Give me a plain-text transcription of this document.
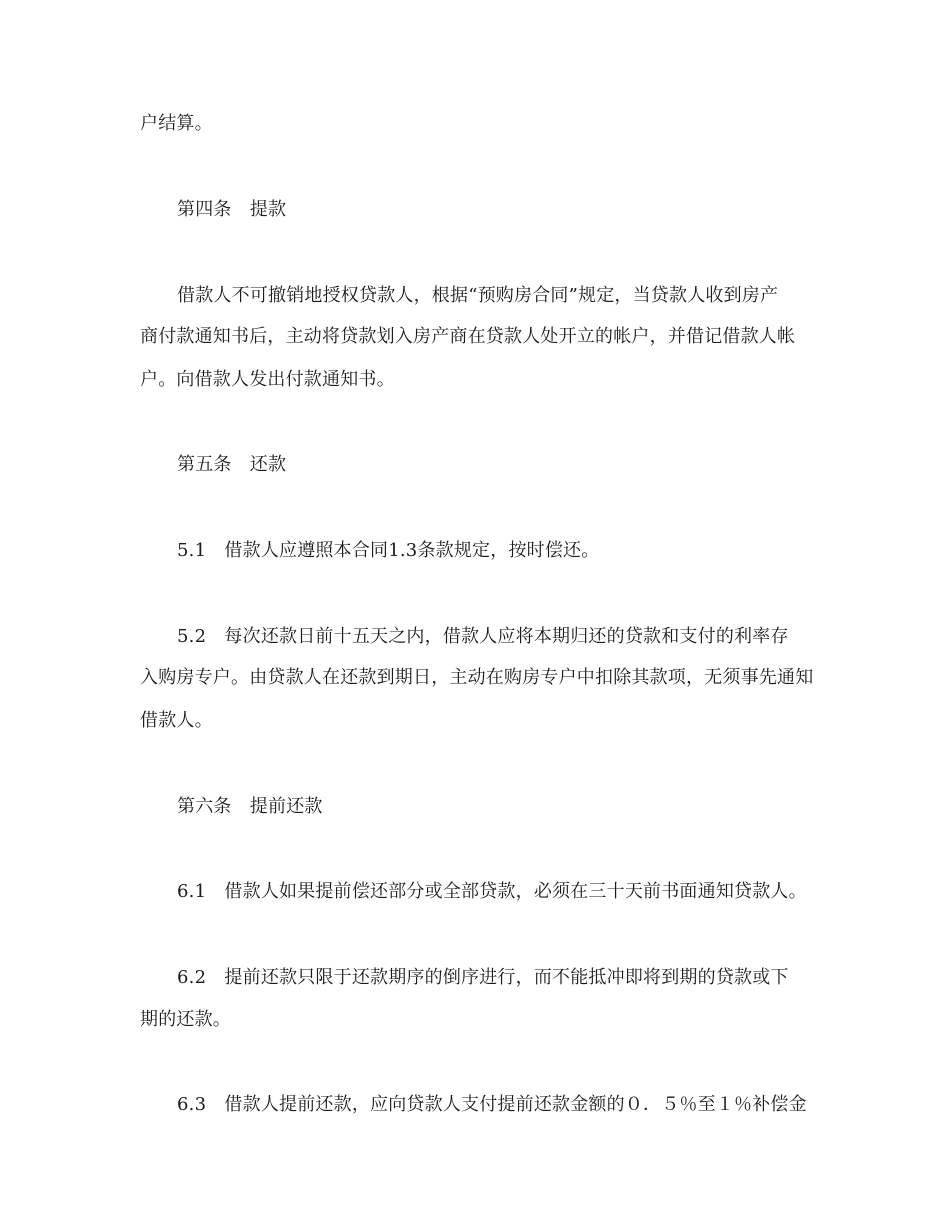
户结算。
第四条　提款
借款人不可撤销地授权贷款人，根据“预购房合同”规定，当贷款人收到房产
商付款通知书后，主动将贷款划入房产商在贷款人处开立的帐户，并借记借款人帐
户。向借款人发出付款通知书。
第五条　还款
5.1　借款人应遵照本合同1.3条款规定，按时偿还。
5.2　每次还款日前十五天之内，借款人应将本期归还的贷款和支付的利率存
入购房专户。由贷款人在还款到期日，主动在购房专户中扣除其款项，无须事先通知
借款人。
第六条　提前还款
6.1　借款人如果提前偿还部分或全部贷款，必须在三十天前书面通知贷款人。
6.2　提前还款只限于还款期序的倒序进行，而不能抵冲即将到期的贷款或下
期的还款。
6.3　借款人提前还款，应向贷款人支付提前还款金额的０．５％至１％补偿金
